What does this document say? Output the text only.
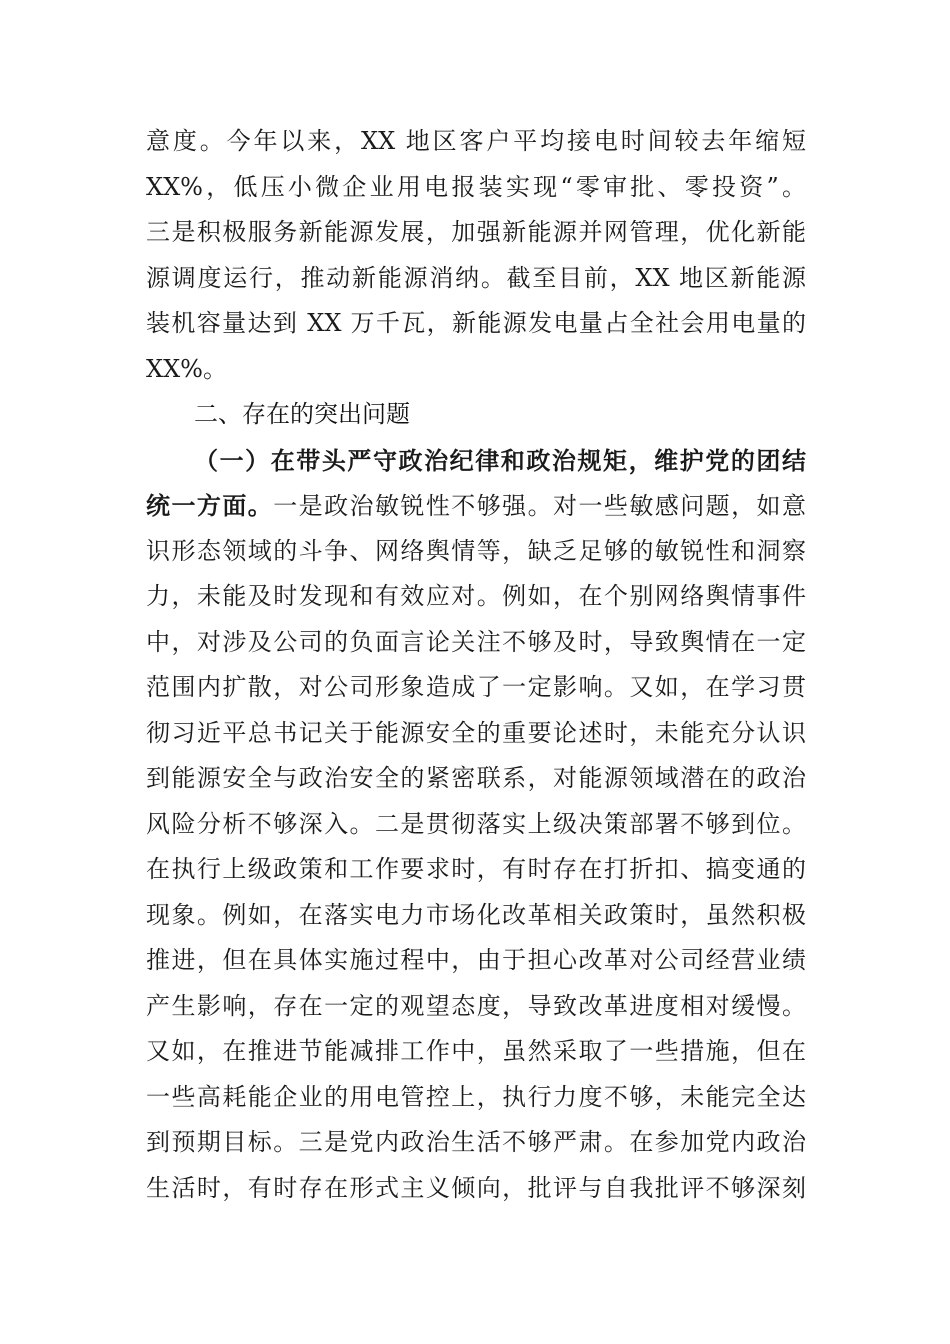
意度。今年以来，XX 地区客户平均接电时间较去年缩短
XX%，低压小微企业用电报装实现“零审批、零投资”。
三是积极服务新能源发展，加强新能源并网管理，优化新能
源调度运行，推动新能源消纳。截至目前，XX 地区新能源
装机容量达到 XX 万千瓦，新能源发电量占全社会用电量的
XX%。
二、存在的突出问题
（一）在带头严守政治纪律和政治规矩，维护党的团结
统一方面。一是政治敏锐性不够强。对一些敏感问题，如意
识形态领域的斗争、网络舆情等，缺乏足够的敏锐性和洞察
力，未能及时发现和有效应对。例如，在个别网络舆情事件
中，对涉及公司的负面言论关注不够及时，导致舆情在一定
范围内扩散，对公司形象造成了一定影响。又如，在学习贯
彻习近平总书记关于能源安全的重要论述时，未能充分认识
到能源安全与政治安全的紧密联系，对能源领域潜在的政治
风险分析不够深入。二是贯彻落实上级决策部署不够到位。
在执行上级政策和工作要求时，有时存在打折扣、搞变通的
现象。例如，在落实电力市场化改革相关政策时，虽然积极
推进，但在具体实施过程中，由于担心改革对公司经营业绩
产生影响，存在一定的观望态度，导致改革进度相对缓慢。
又如，在推进节能减排工作中，虽然采取了一些措施，但在
一些高耗能企业的用电管控上，执行力度不够，未能完全达
到预期目标。三是党内政治生活不够严肃。在参加党内政治
生活时，有时存在形式主义倾向，批评与自我批评不够深刻
